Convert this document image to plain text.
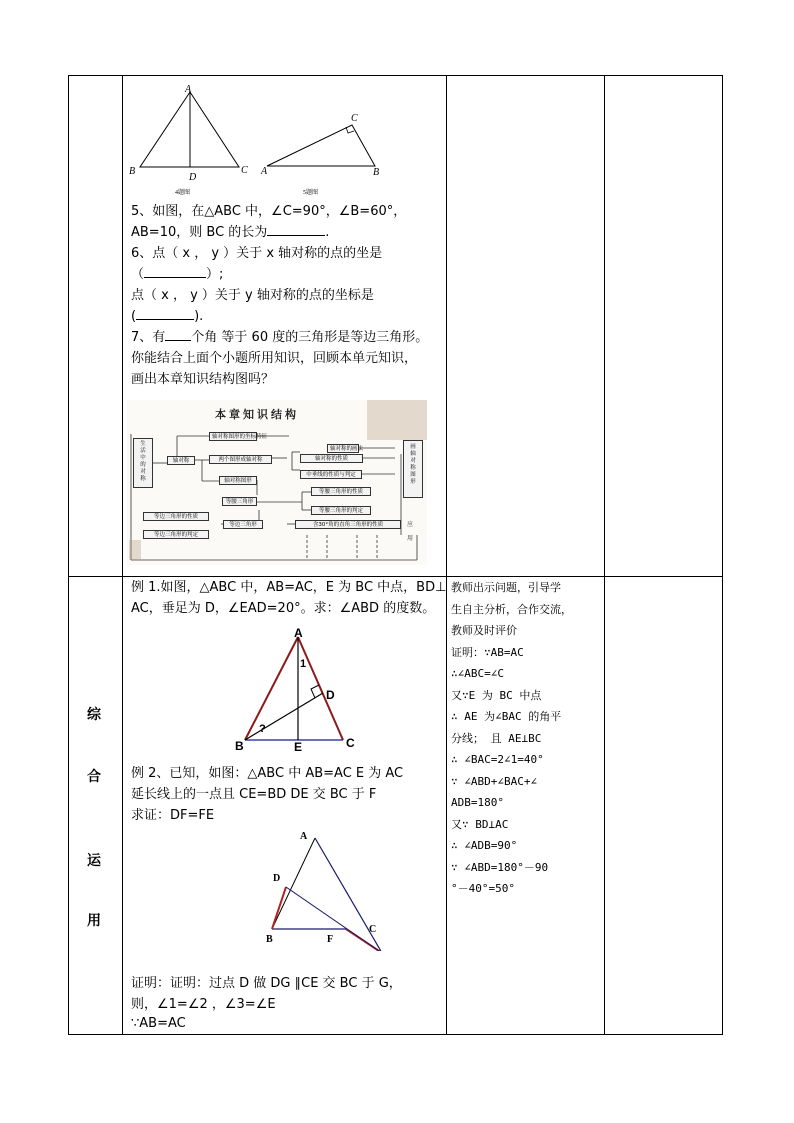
A
B	C
D
4题图
A	B
C
5题图
5、如图，在△ABC 中，∠C=90°，∠B=60°，
AB=10，则 BC 的长为	.
6、点（ x ， y ）关于 x 轴对称的点的坐是
（	）;
点（ x ， y ）关于 y 轴对称的点的坐标是
(	).
7、有 个角 等于 60 度的三角形是等边三角形。
你能结合上面个小题所用知识，回顾本单元知识，
画出本章知识结构图吗？
本章知识结构
生活中的对称
画轴对称图形
轴对称
轴对称图形的坐标特征
轴对称的画法
两个图形成轴对称	轴对称的性质
中垂线的性质与判定
轴对称图形
等腰三角形
等腰三角形的性质
等腰三角形的判定
等边三角形	含30°角的直角三角形的性质
等边三角形的性质
等边三角形的判定
应用
综
合
运
用
例 1.如图，△ABC 中，AB=AC，E 为 BC 中点，BD⊥
AC，垂足为 D，∠EAD=20°。求：∠ABD 的度数。
A
B	C
D
E
1
?
例 2、已知，如图：△ABC 中 AB=AC E 为 AC
延长线上的一点且 CE=BD DE 交 BC 于 F
求证：DF=FE
A
D
B	F
C
证明：证明：过点 D 做 DG ∥CE 交 BC 于 G，
则，∠1=∠2 ，∠3=∠E
∵AB=AC
教师出示问题，引导学
生自主分析，合作交流，
教师及时评价
证明：∵AB=AC
∴∠ABC=∠C
又∵E 为 BC 中点
∴ AE 为∠BAC 的角平
分线； 且 AE⊥BC
∴ ∠BAC=2∠1=40°
∵ ∠ABD+∠BAC+∠
ADB=180°
又∵ BD⊥AC
∴ ∠ADB=90°
∵ ∠ABD=180°－90
°－40°=50°
